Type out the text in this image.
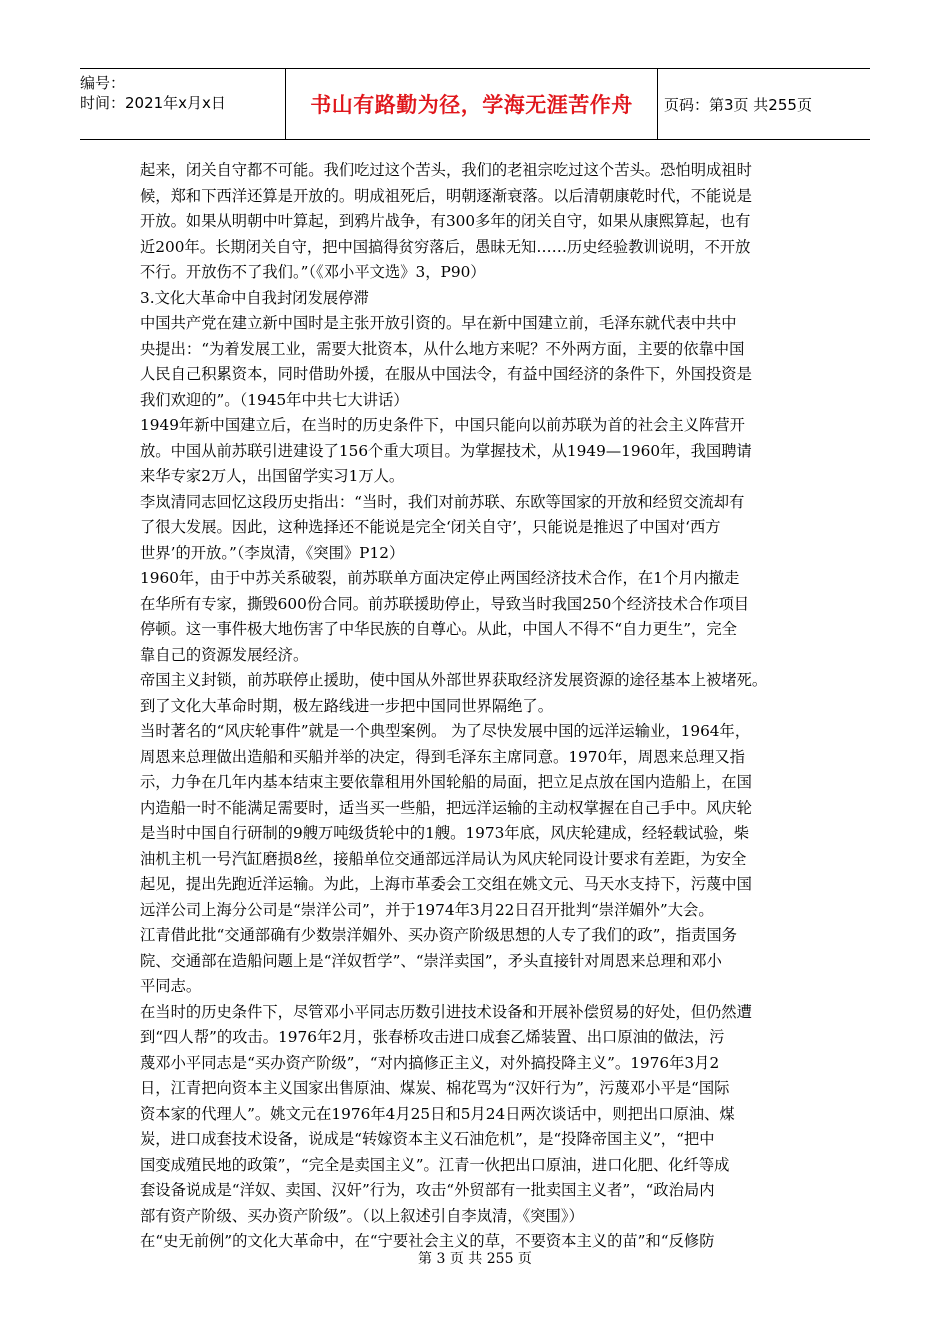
编号：
时间：2021年x月x日	书山有路勤为径，学海无涯苦作舟	页码：第3页 共255页

起来，闭关自守都不可能。我们吃过这个苦头，我们的老祖宗吃过这个苦头。恐怕明成祖时

候，郑和下西洋还算是开放的。明成祖死后，明朝逐渐衰落。以后清朝康乾时代，不能说是

开放。如果从明朝中叶算起，到鸦片战争，有300多年的闭关自守，如果从康熙算起，也有

近200年。长期闭关自守，把中国搞得贫穷落后，愚昧无知……历史经验教训说明，不开放

不行。开放伤不了我们。”（《邓小平文选》3，P90）

3.文化大革命中自我封闭发展停滞

中国共产党在建立新中国时是主张开放引资的。早在新中国建立前，毛泽东就代表中共中

央提出：“为着发展工业，需要大批资本，从什么地方来呢？不外两方面，主要的依靠中国

人民自己积累资本，同时借助外援，在服从中国法令，有益中国经济的条件下，外国投资是

我们欢迎的”。（1945年中共七大讲话）

1949年新中国建立后，在当时的历史条件下，中国只能向以前苏联为首的社会主义阵营开

放。中国从前苏联引进建设了156个重大项目。为掌握技术，从1949—1960年，我国聘请

来华专家2万人，出国留学实习1万人。

李岚清同志回忆这段历史指出：“当时，我们对前苏联、东欧等国家的开放和经贸交流却有

了很大发展。因此，这种选择还不能说是完全‘闭关自守’，只能说是推迟了中国对‘西方

世界’的开放。”（李岚清，《突围》P12）

1960年，由于中苏关系破裂，前苏联单方面决定停止两国经济技术合作，在1个月内撤走

在华所有专家，撕毁600份合同。前苏联援助停止，导致当时我国250个经济技术合作项目

停顿。这一事件极大地伤害了中华民族的自尊心。从此，中国人不得不“自力更生”，完全

靠自己的资源发展经济。

帝国主义封锁，前苏联停止援助，使中国从外部世界获取经济发展资源的途径基本上被堵死。

到了文化大革命时期，极左路线进一步把中国同世界隔绝了。

当时著名的“风庆轮事件”就是一个典型案例。 为了尽快发展中国的远洋运输业，1964年，

周恩来总理做出造船和买船并举的决定，得到毛泽东主席同意。1970年，周恩来总理又指

示，力争在几年内基本结束主要依靠租用外国轮船的局面，把立足点放在国内造船上，在国

内造船一时不能满足需要时，适当买一些船，把远洋运输的主动权掌握在自己手中。风庆轮

是当时中国自行研制的9艘万吨级货轮中的1艘。1973年底，风庆轮建成，经轻载试验，柴

油机主机一号汽缸磨损8丝，接船单位交通部远洋局认为风庆轮同设计要求有差距，为安全

起见，提出先跑近洋运输。为此，上海市革委会工交组在姚文元、马天水支持下，污蔑中国

远洋公司上海分公司是“崇洋公司”，并于1974年3月22日召开批判“崇洋媚外”大会。

江青借此批“交通部确有少数崇洋媚外、买办资产阶级思想的人专了我们的政”，指责国务

院、交通部在造船问题上是“洋奴哲学”、“崇洋卖国”，矛头直接针对周恩来总理和邓小

平同志。

在当时的历史条件下，尽管邓小平同志历数引进技术设备和开展补偿贸易的好处，但仍然遭

到“四人帮”的攻击。1976年2月，张春桥攻击进口成套乙烯装置、出口原油的做法，污

蔑邓小平同志是“买办资产阶级”，“对内搞修正主义，对外搞投降主义”。1976年3月2

日，江青把向资本主义国家出售原油、煤炭、棉花骂为“汉奸行为”，污蔑邓小平是“国际

资本家的代理人”。姚文元在1976年4月25日和5月24日两次谈话中，则把出口原油、煤

炭，进口成套技术设备，说成是“转嫁资本主义石油危机”，是“投降帝国主义”，“把中

国变成殖民地的政策”，“完全是卖国主义”。江青一伙把出口原油，进口化肥、化纤等成

套设备说成是“洋奴、卖国、汉奸”行为，攻击“外贸部有一批卖国主义者”，“政治局内

部有资产阶级、买办资产阶级”。（以上叙述引自李岚清，《突围》）

在“史无前例”的文化大革命中，在“宁要社会主义的草，不要资本主义的苗”和“反修防

第 3 页 共 255 页
